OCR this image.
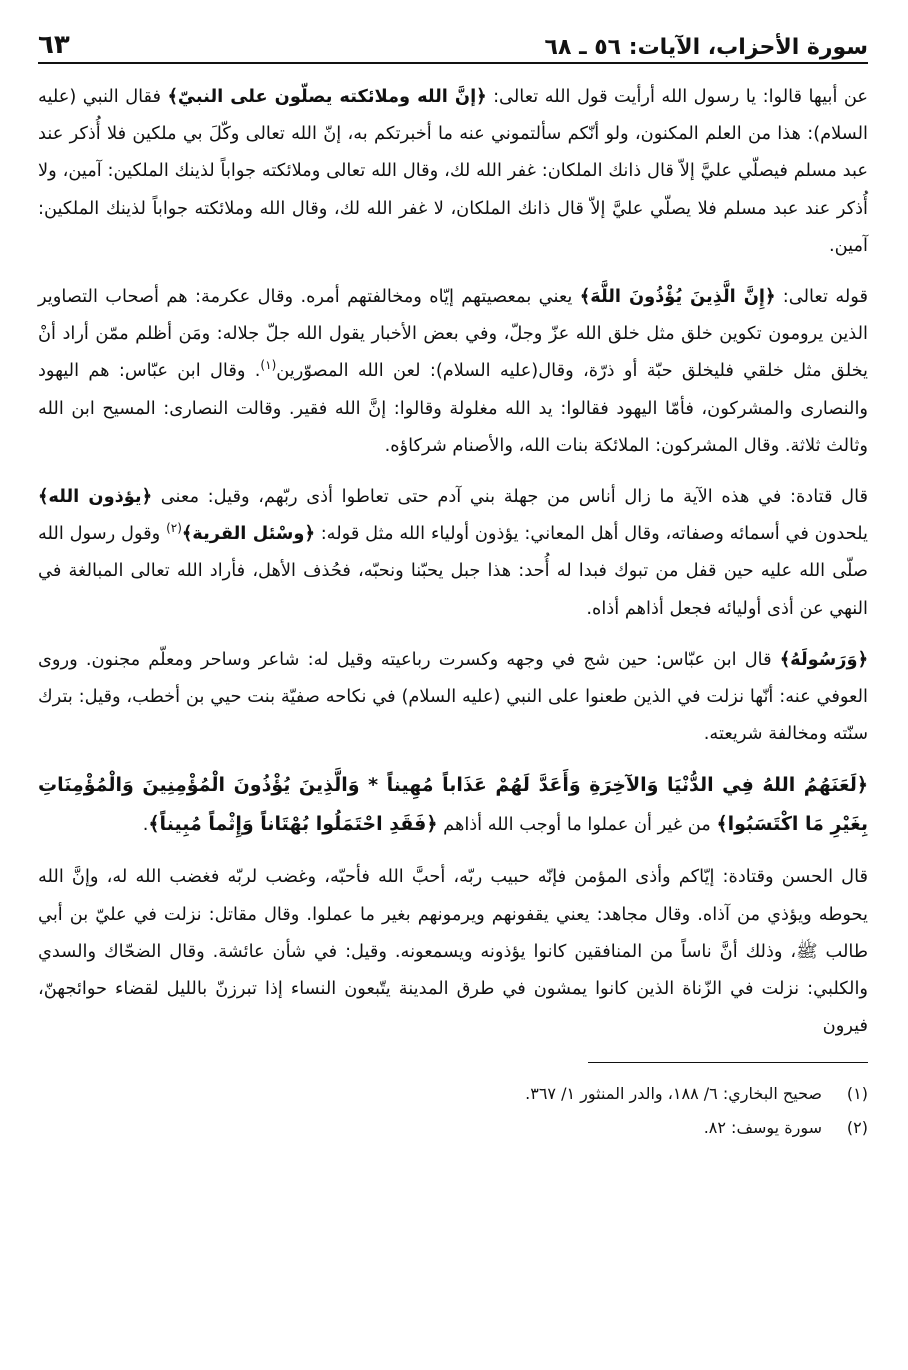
سورة الأحزاب، الآيات: ٥٦ ـ ٦٨
٦٣

عن أبيها قالوا: يا رسول الله أرأيت قول الله تعالى: ﴿إنَّ الله وملائكته يصلّون على النبيّ﴾ فقال النبي (عليه السلام): هذا من العلم المكنون، ولو أنّكم سألتموني عنه ما أخبرتكم به، إنّ الله تعالى وكّلَ بي ملكين فلا أُذكر عند عبد مسلم فيصلّي عليَّ إلاّ قال ذانك الملكان: غفر الله لك، وقال الله تعالى وملائكته جواباً لذينك الملكين: آمين، ولا أُذكر عند عبد مسلم فلا يصلّي عليَّ إلاّ قال ذانك الملكان، لا غفر الله لك، وقال الله وملائكته جواباً لذينك الملكين: آمين.

قوله تعالى: ﴿إِنَّ الَّذِينَ يُؤْذُونَ اللَّهَ﴾ يعني بمعصيتهم إيّاه ومخالفتهم أمره. وقال عكرمة: هم أصحاب التصاوير الذين يرومون تكوين خلق مثل خلق الله عزّ وجلّ، وفي بعض الأخبار يقول الله جلّ جلاله: ومَن أظلم ممّن أراد أنْ يخلق مثل خلقي فليخلق حبّة أو ذرّة، وقال(عليه السلام): لعن الله المصوّرين$^{(١)}$. وقال ابن عبّاس: هم اليهود والنصارى والمشركون، فأمّا اليهود فقالوا: يد الله مغلولة وقالوا: إنَّ الله فقير. وقالت النصارى: المسيح ابن الله وثالث ثلاثة. وقال المشركون: الملائكة بنات الله، والأصنام شركاؤه.

قال قتادة: في هذه الآية ما زال أناس من جهلة بني آدم حتى تعاطوا أذى ربّهم، وقيل: معنى ﴿يؤذون الله﴾ يلحدون في أسمائه وصفاته، وقال أهل المعاني: يؤذون أولياء الله مثل قوله: ﴿وسْئل القرية﴾$^{(٢)}$ وقول رسول الله صلّى الله عليه حين قفل من تبوك فبدا له أُحد: هذا جبل يحبّنا ونحبّه، فحُذف الأهل، فأراد الله تعالى المبالغة في النهي عن أذى أوليائه فجعل أذاهم أذاه.

﴿وَرَسُولَهُ﴾ قال ابن عبّاس: حين شج في وجهه وكسرت رباعيته وقيل له: شاعر وساحر ومعلّم مجنون. وروى العوفي عنه: أنّها نزلت في الذين طعنوا على النبي (عليه السلام) في نكاحه صفيّة بنت حيي بن أخطب، وقيل: بترك سنّته ومخالفة شريعته.

﴿لَعَنَهُمُ اللهُ فِي الدُّنْيَا وَالآخِرَةِ وَأَعَدَّ لَهُمْ عَذَاباً مُهِيناً * وَالَّذِينَ يُؤْذُونَ الْمُؤْمِنِينَ وَالْمُؤْمِنَاتِ بِغَيْرِ مَا اكْتَسَبُوا﴾ من غير أن عملوا ما أوجب الله أذاهم ﴿فَقَدِ احْتَمَلُوا بُهْتَاناً وَإِثْماً مُبِيناً﴾.

قال الحسن وقتادة: إيّاكم وأذى المؤمن فإنّه حبيب ربّه، أحبَّ الله فأحبّه، وغضب لربّه فغضب الله له، وإنَّ الله يحوطه ويؤذي من آذاه. وقال مجاهد: يعني يقفونهم ويرمونهم بغير ما عملوا. وقال مقاتل: نزلت في عليّ بن أبي طالب ﷺ، وذلك أنَّ ناساً من المنافقين كانوا يؤذونه ويسمعونه. وقيل: في شأن عائشة. وقال الضحّاك والسدي والكلبي: نزلت في الزّناة الذين كانوا يمشون في طرق المدينة يتّبعون النساء إذا تبرزنّ بالليل لقضاء حوائجهنّ، فيرون

(١)
صحيح البخاري: ٦/ ١٨٨، والدر المنثور ١/ ٣٦٧.
(٢)
سورة يوسف: ٨٢.
